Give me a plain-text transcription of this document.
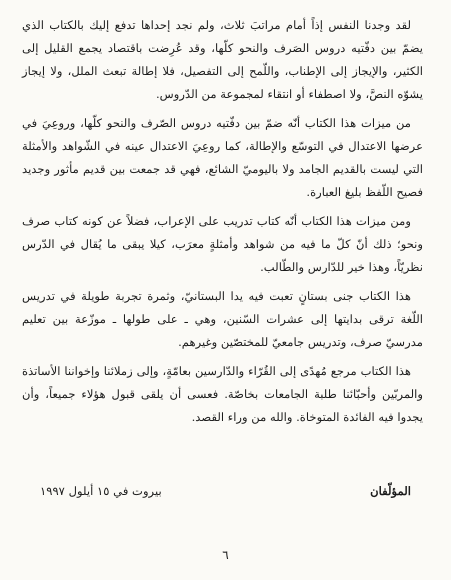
لقد وجدنا النفس إذاً أمام مراتبَ ثلاث، ولم نجد إحداها تدفع إليك بالكتاب الذي يضمّ بين دفّتيه دروس الصَرف والنحو كلّها، وقد عُرِضت باقتصاد يجمع القليل إلى الكثير، والإيجاز إلى الإطناب، واللّمح إلى التفصيل، فلا إطالة تبعث الملل، ولا إيجاز يشوّه النصَّ، ولا اصطفاء أو انتقاء لمجموعة من الدّروس.

من ميزات هذا الكتاب أنّه ضمّ بين دفّتيه دروس الصّرف والنحو كلّها، وروعِيَ في عرضها الاعتدال في التوسّع والإطالة، كما روعِيَ الاعتدال عينه في الشّواهد والأمثلة التي ليست بالقديم الجامد ولا باليوميّ الشائع، فهي قد جمعت بين قديم مأثور وجديد فصيح اللّفظ بليغ العبارة.

ومن ميزات هذا الكتاب أنّه كتاب تدريب على الإعراب، فضلاً عن كونه كتاب صرف ونحو؛ ذلك أنّ كلّ ما فيه من شواهد وأمثلةٍ معرَب، كيلا يبقى ما يُقال في الدّرس نظريّاً، وهذا خير للدّارس والطّالب.

هذا الكتاب جنى بستانٍ تعبت فيه يدا البستانيّ، وثمرة تجربة طويلة في تدريس اللّغة ترقى بدايتها إلى عشرات السّنين، وهي ـ على طولها ـ موزّعة بين تعليم مدرسيّ صرف، وتدريس جامعيّ للمختصّين وغيرهم.

هذا الكتاب مرجع مُهدًى إلى القُرّاء والدّارسين بعامّةٍ، وإلى زملائنا وإخواننا الأساتذة والمربّين وأحبّائنا طلبة الجامعات بخاصّة. فعسى أن يلقى قبول هؤلاء جميعاً، وأن يجدوا فيه الفائدة المتوخاة. والله من وراء القصد.

المؤلّفان
بيروت في ١٥ أيلول ١٩٩٧
٦
